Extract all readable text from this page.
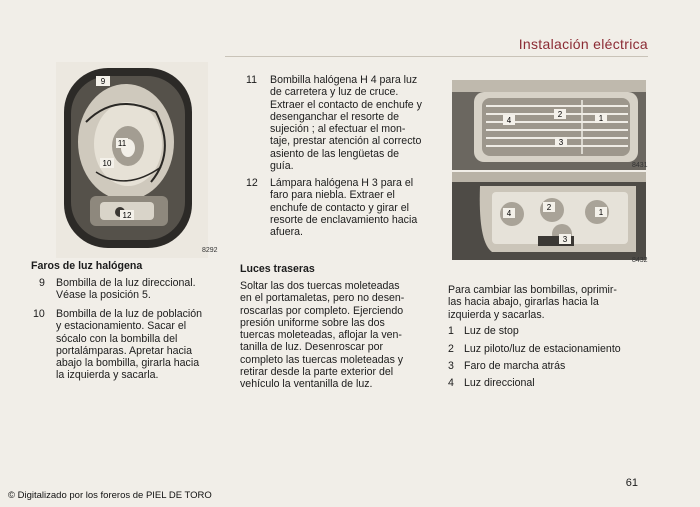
Instalación eléctrica
9
11
10
12
8292
4
2	1
3
8431
4
2
1
3
8432
Faros de luz halógena
9 Bombilla de la luz direccional.
Véase la posición 5.
10 Bombilla de la luz de población
y estacionamiento. Sacar el
sócalo con la bombilla del
portalámparas. Apretar hacia
abajo la bombilla, girarla hacia
la izquierda y sacarla.
11 Bombilla halógena H 4 para luz
de carretera y luz de cruce.
Extraer el contacto de enchufe y
desenganchar el resorte de
sujeción ; al efectuar el mon-
taje, prestar atención al correcto
asiento de las lengüetas de
guía.
12 Lámpara halógena H 3 para el
faro para niebla. Extraer el
enchufe de contacto y girar el
resorte de enclavamiento hacia
afuera.
Luces traseras
Soltar las dos tuercas moleteadas
en el portamaletas, pero no desen-
roscarlas por completo. Ejerciendo
presión uniforme sobre las dos
tuercas moleteadas, aflojar la ven-
tanilla de luz. Desenroscar por
completo las tuercas moleteadas y
retirar desde la parte exterior del
vehículo la ventanilla de luz.
Para cambiar las bombillas, oprimir-
las hacia abajo, girarlas hacia la
izquierda y sacarlas.
1 Luz de stop
2 Luz piloto/luz de estacionamiento
3 Faro de marcha atrás
4 Luz direccional
61
© Digitalizado por los foreros de PIEL DE TORO
